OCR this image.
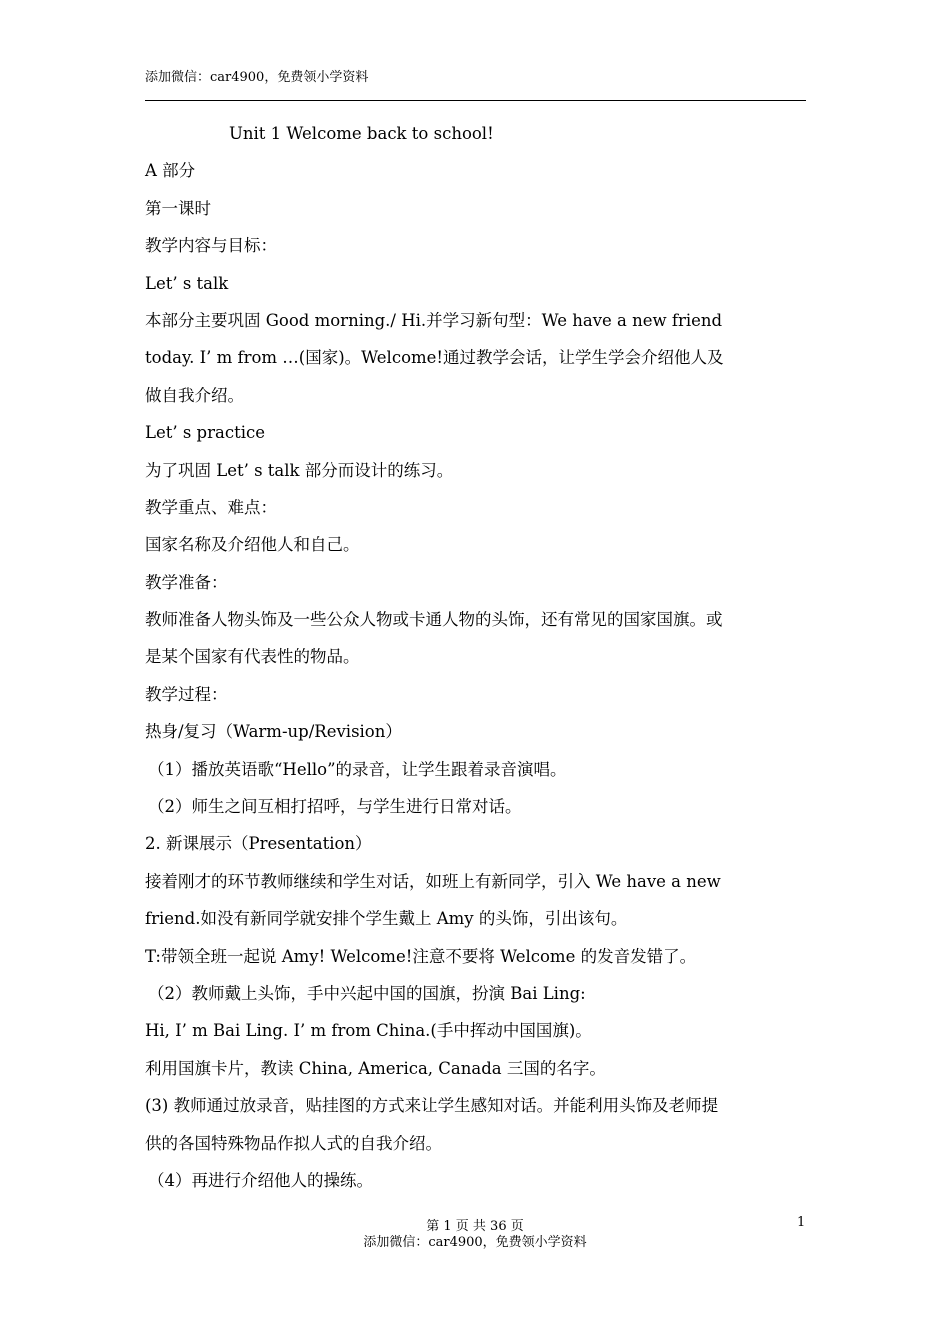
添加微信：car4900，免费领小学资料
Unit 1 Welcome back to school!
A 部分
第一课时
教学内容与目标：
Let’ s talk
本部分主要巩固 Good morning./ Hi.并学习新句型：We have a new friend
today. I’ m from …(国家)。Welcome!通过教学会话，让学生学会介绍他人及
做自我介绍。
Let’ s practice
为了巩固 Let’ s talk 部分而设计的练习。
教学重点、难点：
国家名称及介绍他人和自己。
教学准备：
教师准备人物头饰及一些公众人物或卡通人物的头饰，还有常见的国家国旗。或
是某个国家有代表性的物品。
教学过程：
热身/复习（Warm-up/Revision）
（1）播放英语歌“Hello”的录音，让学生跟着录音演唱。
（2）师生之间互相打招呼，与学生进行日常对话。
2. 新课展示（Presentation）
接着刚才的环节教师继续和学生对话，如班上有新同学，引入 We have a new
friend.如没有新同学就安排个学生戴上 Amy 的头饰，引出该句。
T:带领全班一起说 Amy! Welcome!注意不要将 Welcome 的发音发错了。
（2）教师戴上头饰，手中兴起中国的国旗，扮演 Bai Ling:
Hi, I’ m Bai Ling. I’ m from China.(手中挥动中国国旗)。
利用国旗卡片，教读 China, America, Canada 三国的名字。
(3) 教师通过放录音，贴挂图的方式来让学生感知对话。并能利用头饰及老师提
供的各国特殊物品作拟人式的自我介绍。
（4）再进行介绍他人的操练。
第 1 页 共 36 页	1
添加微信：car4900，免费领小学资料
